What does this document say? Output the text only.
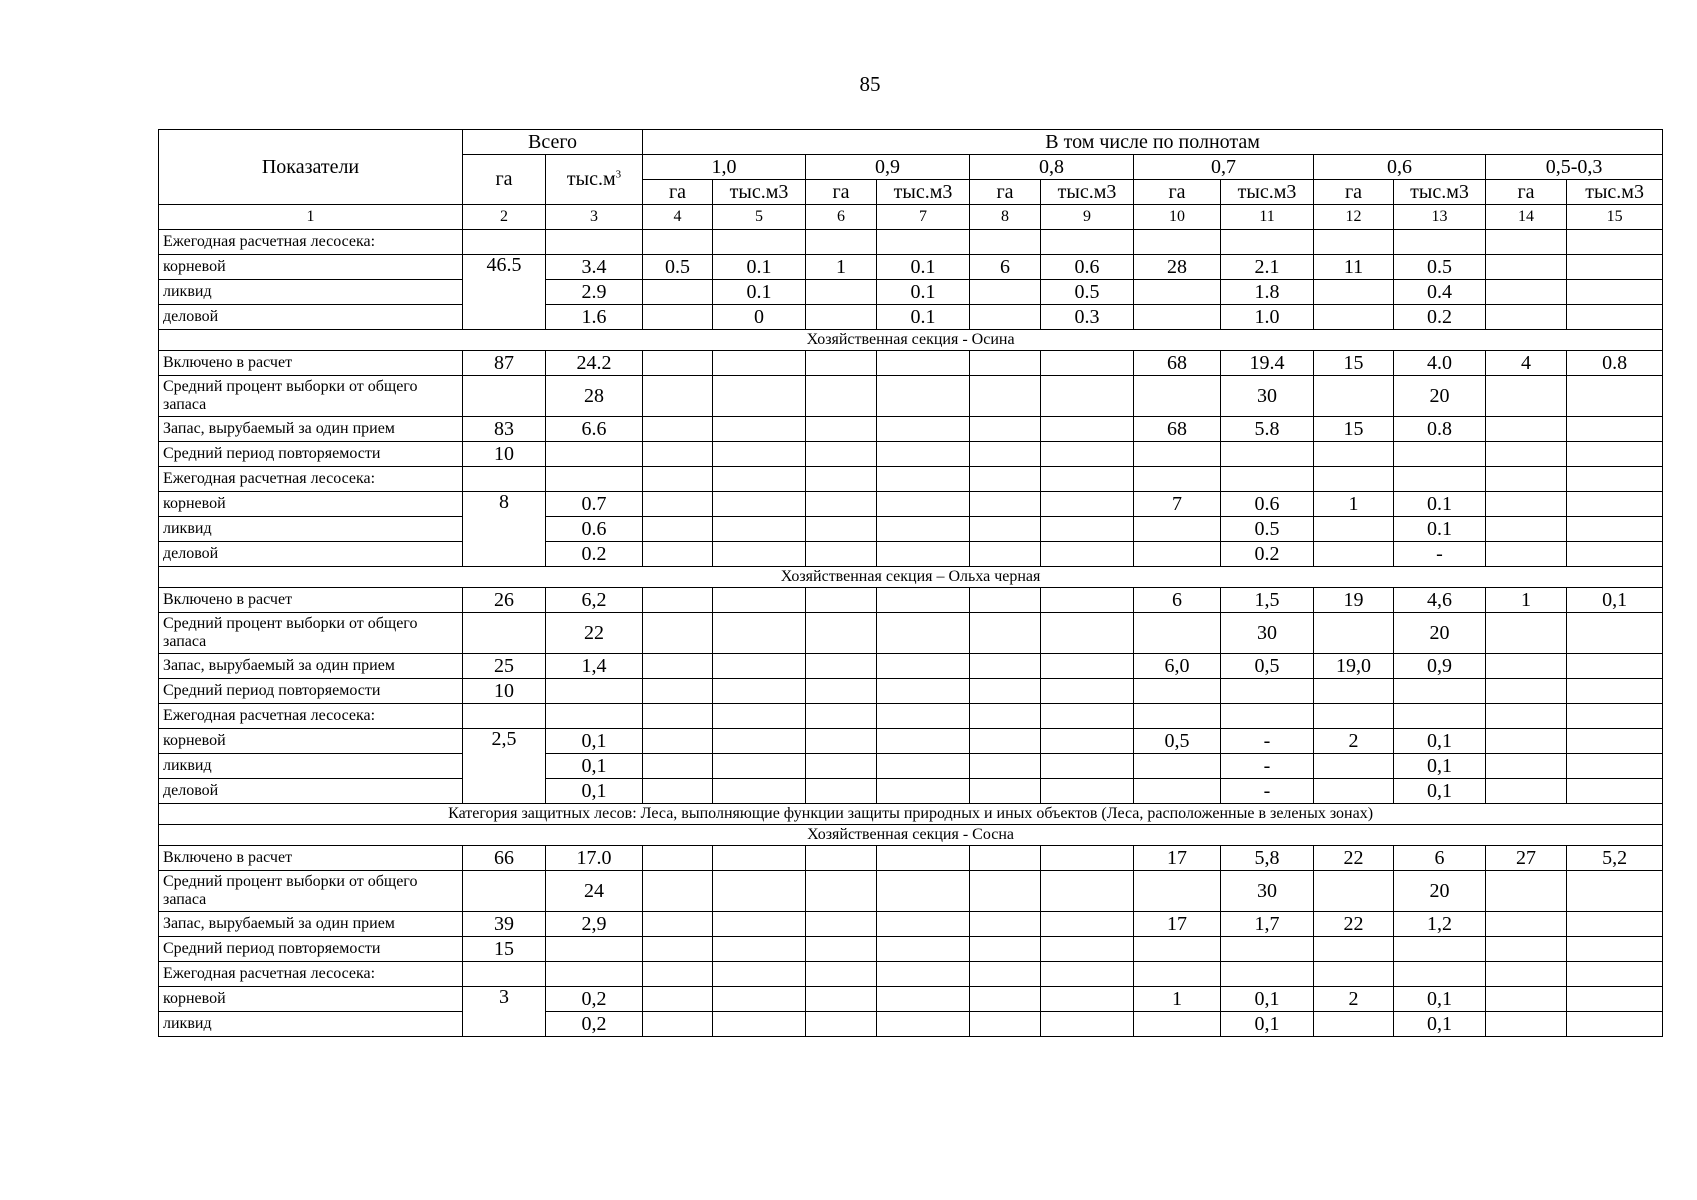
85
Показатели	Всего		В том числе по полнотам											
	га	$тыс.м^3$	1,0		0,9		0,8		0,7		0,6		0,5-0,3	
			га	тыс.м3	га	тыс.м3	га	тыс.м3	га	тыс.м3	га	тыс.м3	га	тыс.м3
1	2	3	4	5	6	7	8	9	10	11	12	13	14	15
Ежегодная расчетная лесосека:														
корневой	46.5	3.4	0.5	0.1	1	0.1	6	0.6	28	2.1	11	0.5		
ликвид		2.9		0.1		0.1		0.5		1.8		0.4		
деловой		1.6		0		0.1		0.3		1.0		0.2		
Хозяйственная секция - Осина														
Включено в расчет	87	24.2							68	19.4	15	4.0	4	0.8
Средний процент выборки от общего запаса		28								30		20		
Запас, вырубаемый за один прием	83	6.6							68	5.8	15	0.8		
Средний период повторяемости	10													
Ежегодная расчетная лесосека:														
корневой	8	0.7							7	0.6	1	0.1		
ликвид		0.6								0.5		0.1		
деловой		0.2								0.2		-		
Хозяйственная секция – Ольха черная														
Включено в расчет	26	6,2							6	1,5	19	4,6	1	0,1
Средний процент выборки от общего запаса		22								30		20		
Запас, вырубаемый за один прием	25	1,4							6,0	0,5	19,0	0,9		
Средний период повторяемости	10													
Ежегодная расчетная лесосека:														
корневой	2,5	0,1							0,5	-	2	0,1		
ликвид		0,1								-		0,1		
деловой		0,1								-		0,1		
Категория защитных лесов: Леса, выполняющие функции защиты природных и иных объектов (Леса, расположенные в зеленых зонах)														
Хозяйственная секция - Сосна														
Включено в расчет	66	17.0							17	5,8	22	6	27	5,2
Средний процент выборки от общего запаса		24								30		20		
Запас, вырубаемый за один прием	39	2,9							17	1,7	22	1,2		
Средний период повторяемости	15													
Ежегодная расчетная лесосека:														
корневой	3	0,2							1	0,1	2	0,1		
ликвид		0,2								0,1		0,1		
